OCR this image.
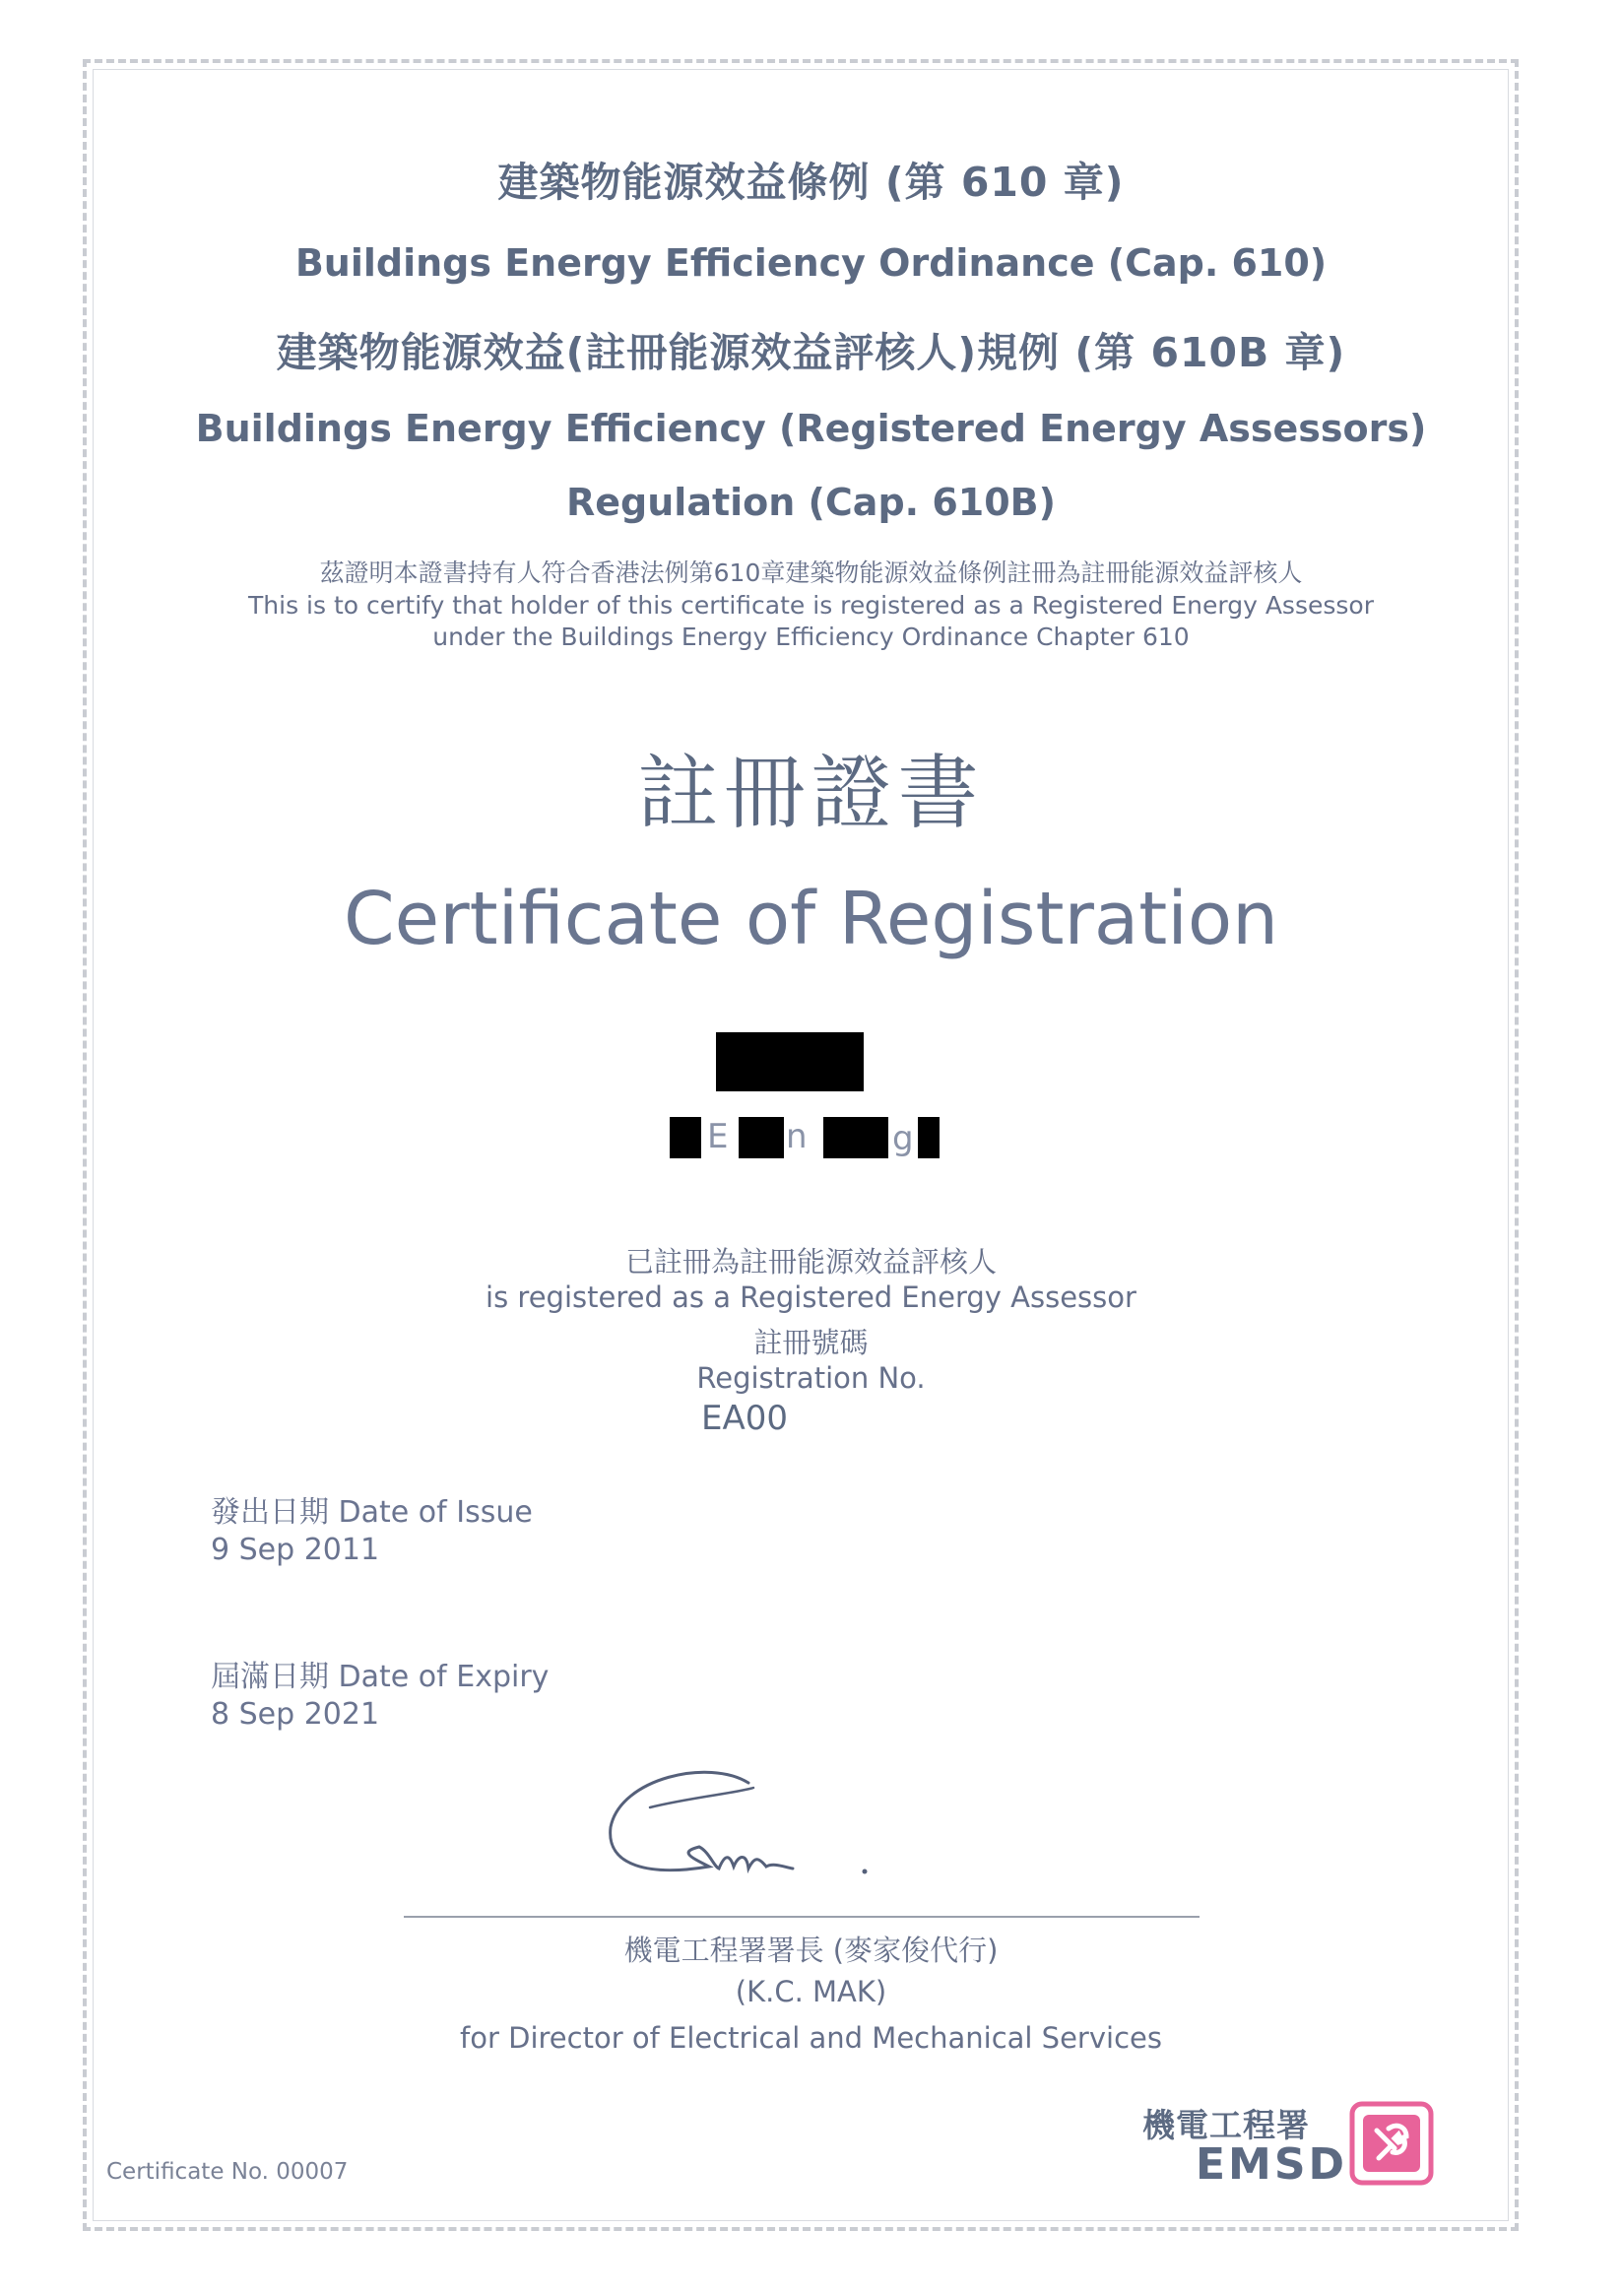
建築物能源效益條例 (第 610 章)
Buildings Energy Efficiency Ordinance (Cap. 610)
建築物能源效益(註冊能源效益評核人)規例 (第 610B 章)
Buildings Energy Efficiency (Registered Energy Assessors)
Regulation (Cap. 610B)
茲證明本證書持有人符合香港法例第610章建築物能源效益條例註冊為註冊能源效益評核人
This is to certify that holder of this certificate is registered as a Registered Energy Assessor
under the Buildings Energy Efficiency Ordinance Chapter 610
註冊證書
Certificate of Registration
E n	g
已註冊為註冊能源效益評核人
is registered as a Registered Energy Assessor
註冊號碼
Registration No.
EA00
發出日期 Date of Issue
9 Sep 2011
屆滿日期 Date of Expiry
8 Sep 2021
機電工程署署長 (麥家俊代行)
(K.C. MAK)
for Director of Electrical and Mechanical Services
Certificate No. 00007
機電工程署
EMSD
